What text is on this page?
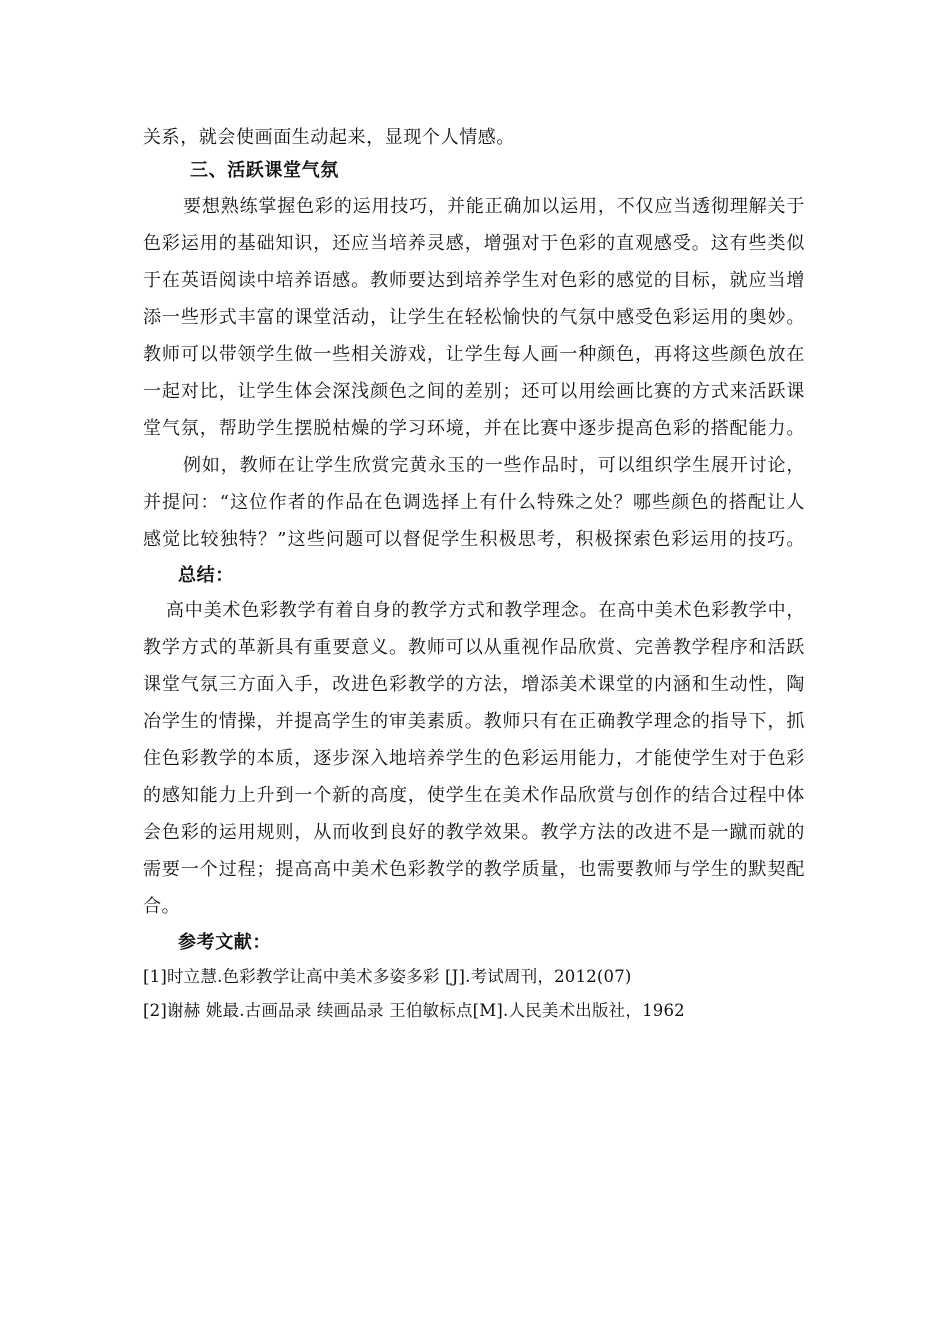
关系，就会使画面生动起来，显现个人情感。
三、活跃课堂气氛
要想熟练掌握色彩的运用技巧，并能正确加以运用，不仅应当透彻理解关于
色彩运用的基础知识，还应当培养灵感，增强对于色彩的直观感受。这有些类似
于在英语阅读中培养语感。教师要达到培养学生对色彩的感觉的目标，就应当增
添一些形式丰富的课堂活动，让学生在轻松愉快的气氛中感受色彩运用的奥妙。
教师可以带领学生做一些相关游戏，让学生每人画一种颜色，再将这些颜色放在
一起对比，让学生体会深浅颜色之间的差别；还可以用绘画比赛的方式来活跃课
堂气氛，帮助学生摆脱枯燥的学习环境，并在比赛中逐步提高色彩的搭配能力。
例如，教师在让学生欣赏完黄永玉的一些作品时，可以组织学生展开讨论，
并提问：“这位作者的作品在色调选择上有什么特殊之处？哪些颜色的搭配让人
感觉比较独特？”这些问题可以督促学生积极思考，积极探索色彩运用的技巧。
总结：
高中美术色彩教学有着自身的教学方式和教学理念。在高中美术色彩教学中，
教学方式的革新具有重要意义。教师可以从重视作品欣赏、完善教学程序和活跃
课堂气氛三方面入手，改进色彩教学的方法，增添美术课堂的内涵和生动性，陶
冶学生的情操，并提高学生的审美素质。教师只有在正确教学理念的指导下，抓
住色彩教学的本质，逐步深入地培养学生的色彩运用能力，才能使学生对于色彩
的感知能力上升到一个新的高度，使学生在美术作品欣赏与创作的结合过程中体
会色彩的运用规则，从而收到良好的教学效果。教学方法的改进不是一蹴而就的
需要一个过程；提高高中美术色彩教学的教学质量，也需要教师与学生的默契配
合。
参考文献：
[1]时立慧.色彩教学让高中美术多姿多彩 [J].考试周刊，2012(07)
[2]谢赫 姚最.古画品录 续画品录 王伯敏标点[M].人民美术出版社，1962
